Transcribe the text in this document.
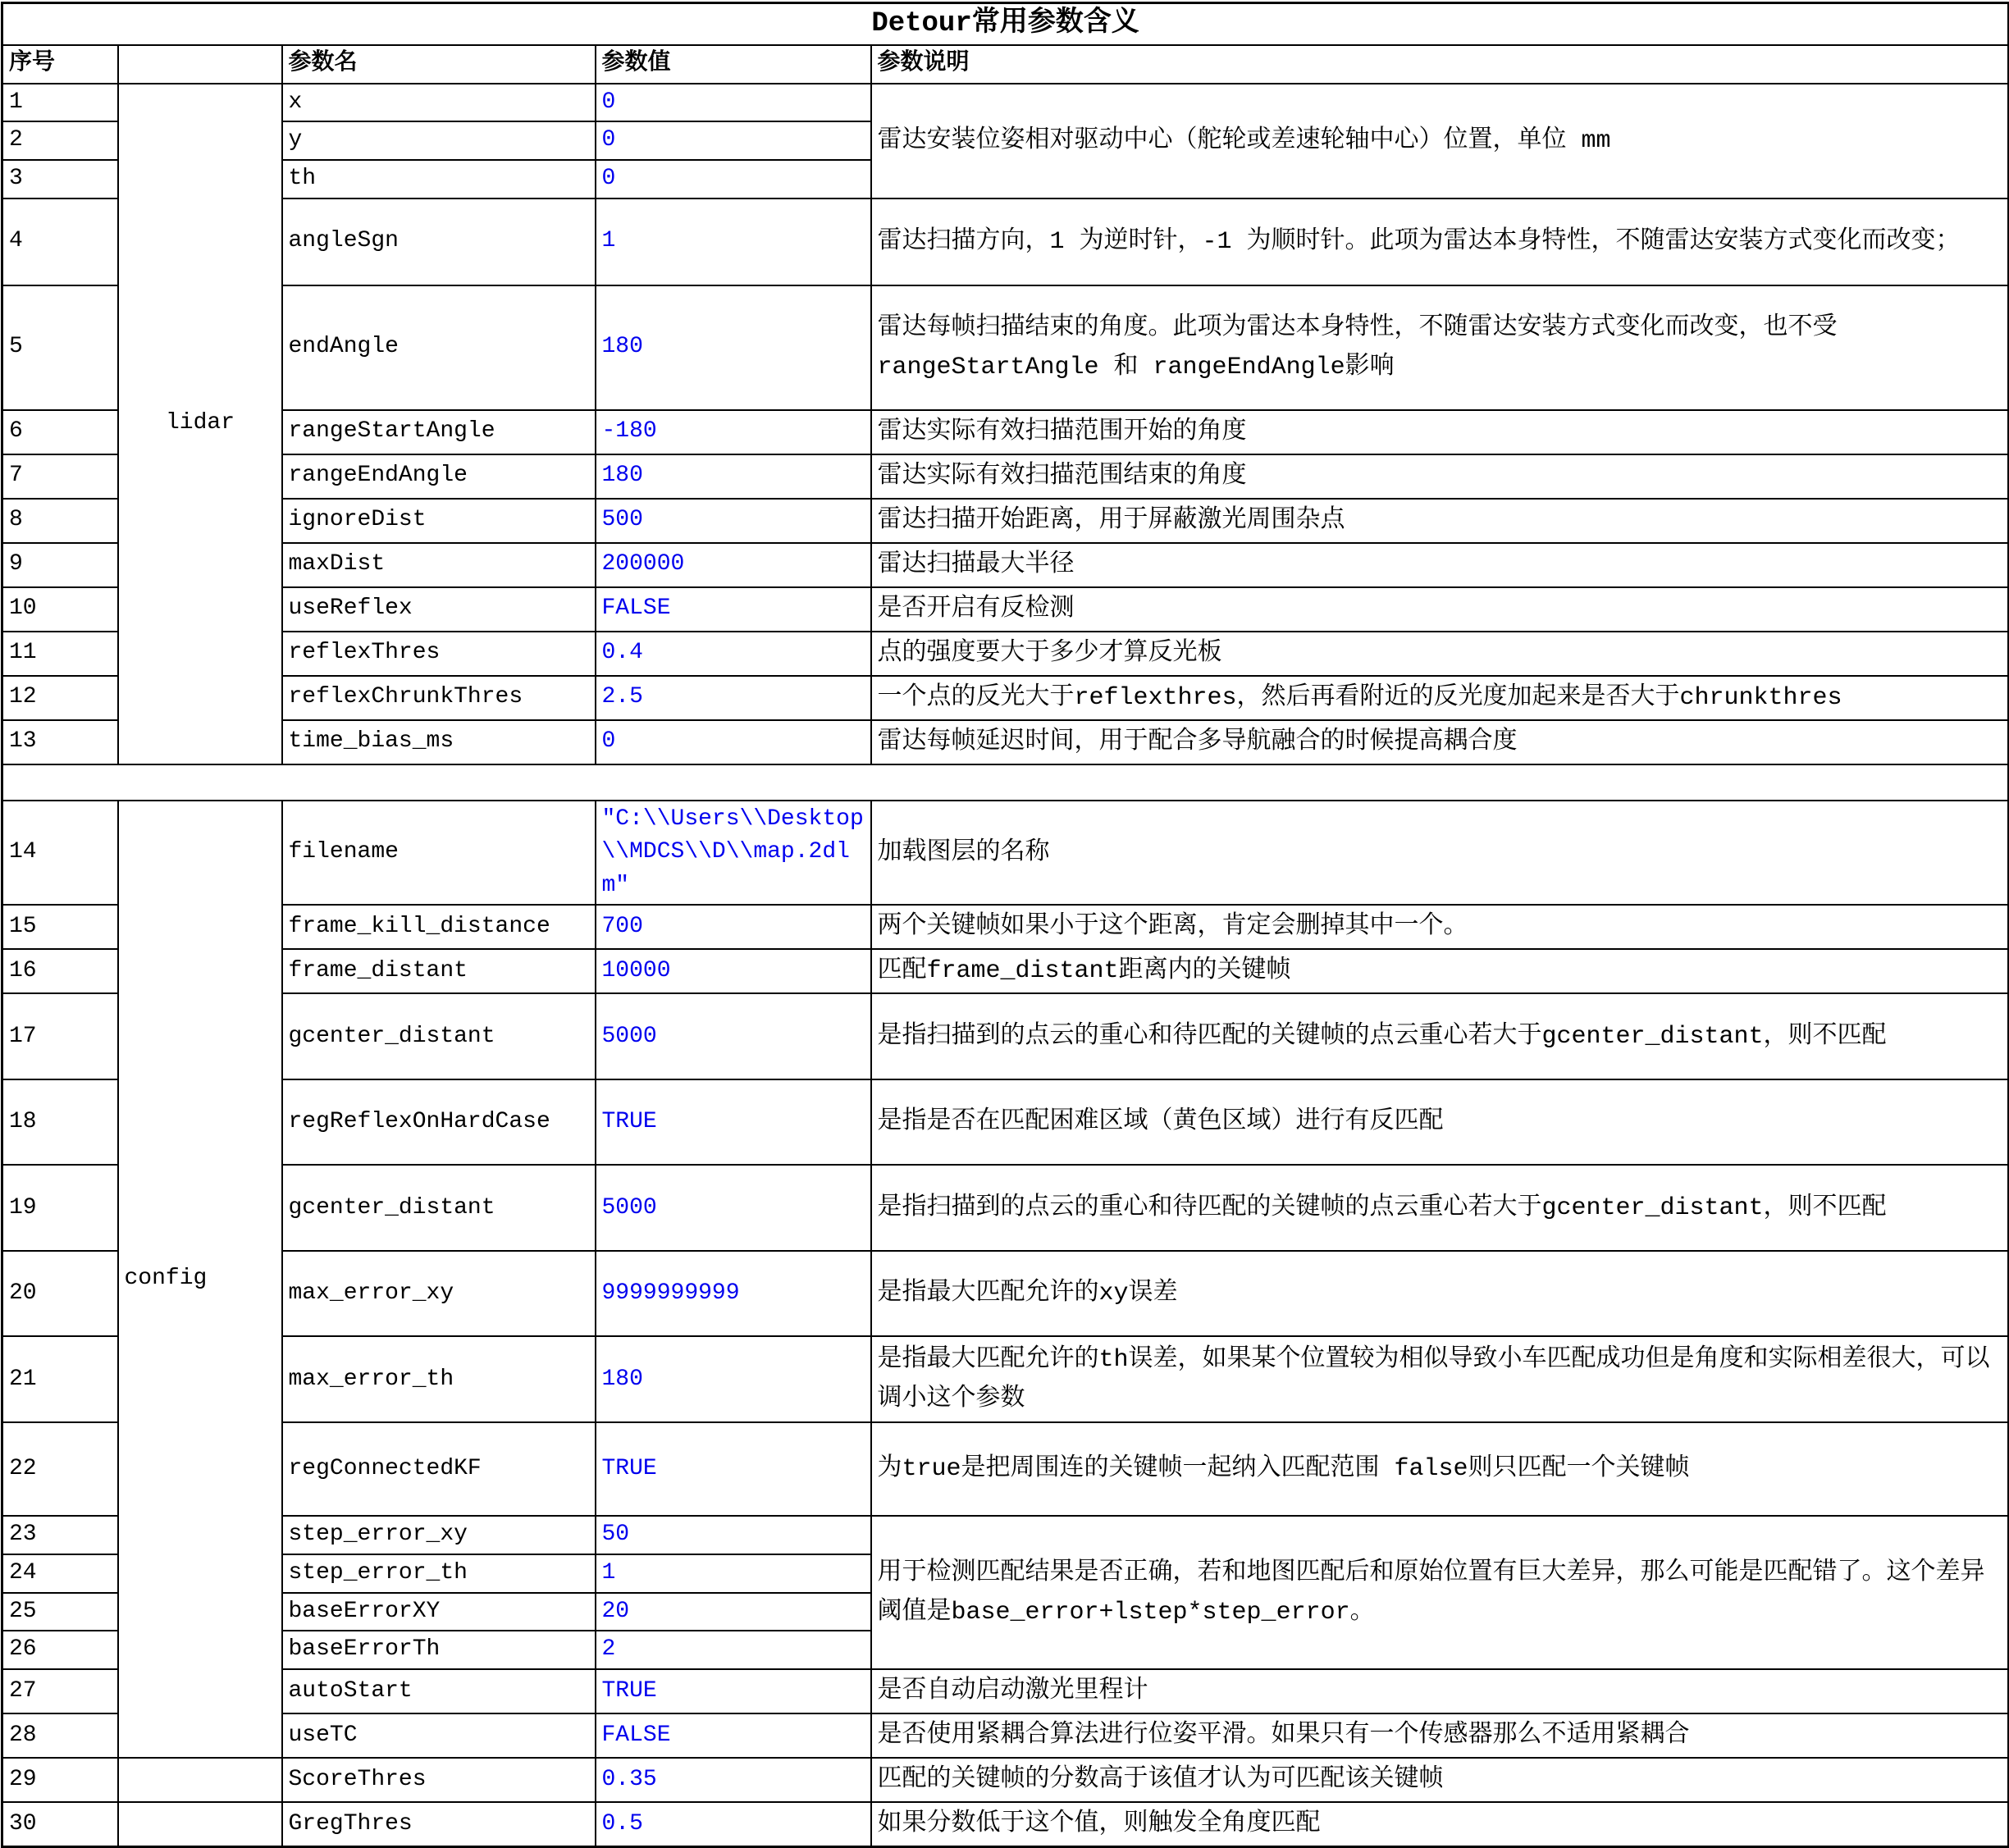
Detour常用参数含义				
序号		参数名	参数值	参数说明
1	lidar	x	0	雷达安装位姿相对驱动中心（舵轮或差速轮轴中心）位置，单位 mm
2		y	0	
3		th	0	
4		angleSgn	1	雷达扫描方向，1 为逆时针，-1 为顺时针。此项为雷达本身特性，不随雷达安装方式变化而改变；
5		endAngle	180	雷达每帧扫描结束的角度。此项为雷达本身特性，不随雷达安装方式变化而改变，也不受rangeStartAngle 和 rangeEndAngle影响
6		rangeStartAngle	-180	雷达实际有效扫描范围开始的角度
7		rangeEndAngle	180	雷达实际有效扫描范围结束的角度
8		ignoreDist	500	雷达扫描开始距离，用于屏蔽激光周围杂点
9		maxDist	200000	雷达扫描最大半径
10		useReflex	FALSE	是否开启有反检测
11		reflexThres	0.4	点的强度要大于多少才算反光板
12		reflexChrunkThres	2.5	一个点的反光大于reflexthres，然后再看附近的反光度加起来是否大于chrunkthres
13		time_bias_ms	0	雷达每帧延迟时间，用于配合多导航融合的时候提高耦合度

14	config	filename	"C:\\Users\\Desktop\\MDCS\\D\\map.2dlm"	加载图层的名称
15		frame_kill_distance	700	两个关键帧如果小于这个距离，肯定会删掉其中一个。
16		frame_distant	10000	匹配frame_distant距离内的关键帧
17		gcenter_distant	5000	是指扫描到的点云的重心和待匹配的关键帧的点云重心若大于gcenter_distant，则不匹配
18		regReflexOnHardCase	TRUE	是指是否在匹配困难区域（黄色区域）进行有反匹配
19		gcenter_distant	5000	是指扫描到的点云的重心和待匹配的关键帧的点云重心若大于gcenter_distant，则不匹配
20		max_error_xy	9999999999	是指最大匹配允许的xy误差
21		max_error_th	180	是指最大匹配允许的th误差，如果某个位置较为相似导致小车匹配成功但是角度和实际相差很大，可以调小这个参数
22		regConnectedKF	TRUE	为true是把周围连的关键帧一起纳入匹配范围 false则只匹配一个关键帧
23		step_error_xy	50	用于检测匹配结果是否正确，若和地图匹配后和原始位置有巨大差异，那么可能是匹配错了。这个差异阈值是base_error+lstep*step_error。
24		step_error_th	1	
25		baseErrorXY	20	
26		baseErrorTh	2	
27		autoStart	TRUE	是否自动启动激光里程计
28		useTC	FALSE	是否使用紧耦合算法进行位姿平滑。如果只有一个传感器那么不适用紧耦合
29		ScoreThres	0.35	匹配的关键帧的分数高于该值才认为可匹配该关键帧
30		GregThres	0.5	如果分数低于这个值，则触发全角度匹配
